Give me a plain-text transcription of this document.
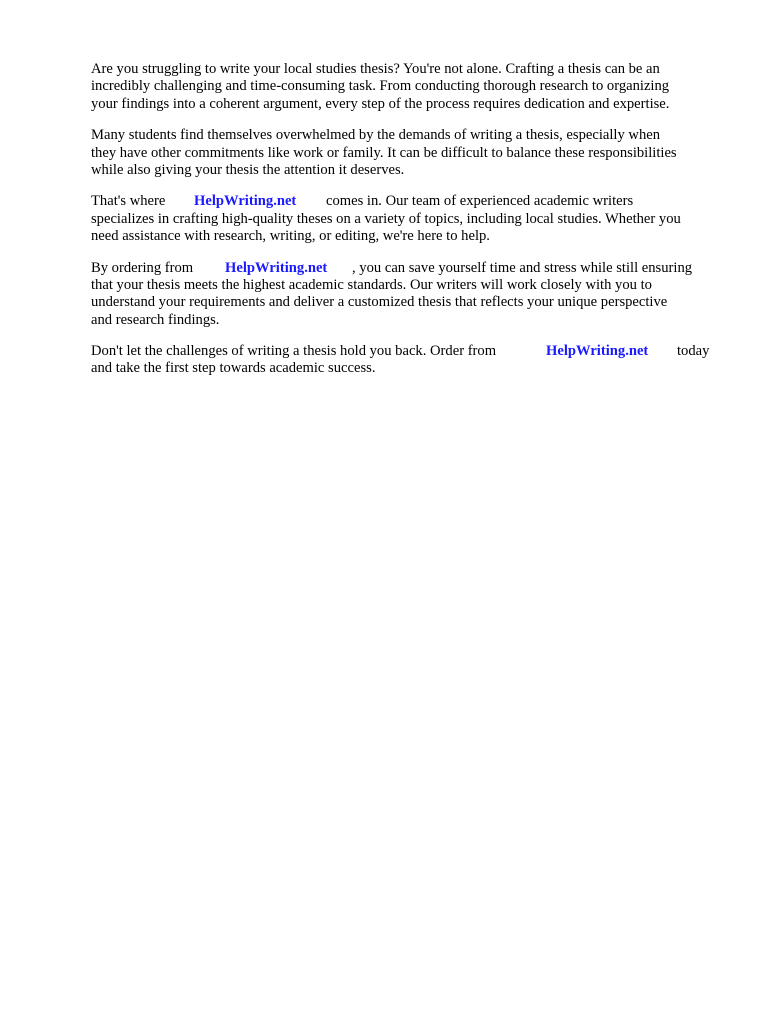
Are you struggling to write your local studies thesis? You're not alone. Crafting a thesis can be an
incredibly challenging and time-consuming task. From conducting thorough research to organizing
your findings into a coherent argument, every step of the process requires dedication and expertise.

Many students find themselves overwhelmed by the demands of writing a thesis, especially when
they have other commitments like work or family. It can be difficult to balance these responsibilities
while also giving your thesis the attention it deserves.

That's where HelpWriting.net comes in. Our team of experienced academic writers
specializes in crafting high-quality theses on a variety of topics, including local studies. Whether you
need assistance with research, writing, or editing, we're here to help.

By ordering from HelpWriting.net , you can save yourself time and stress while still ensuring
that your thesis meets the highest academic standards. Our writers will work closely with you to
understand your requirements and deliver a customized thesis that reflects your unique perspective
and research findings.

Don't let the challenges of writing a thesis hold you back. Order from	HelpWriting.net today
and take the first step towards academic success.
